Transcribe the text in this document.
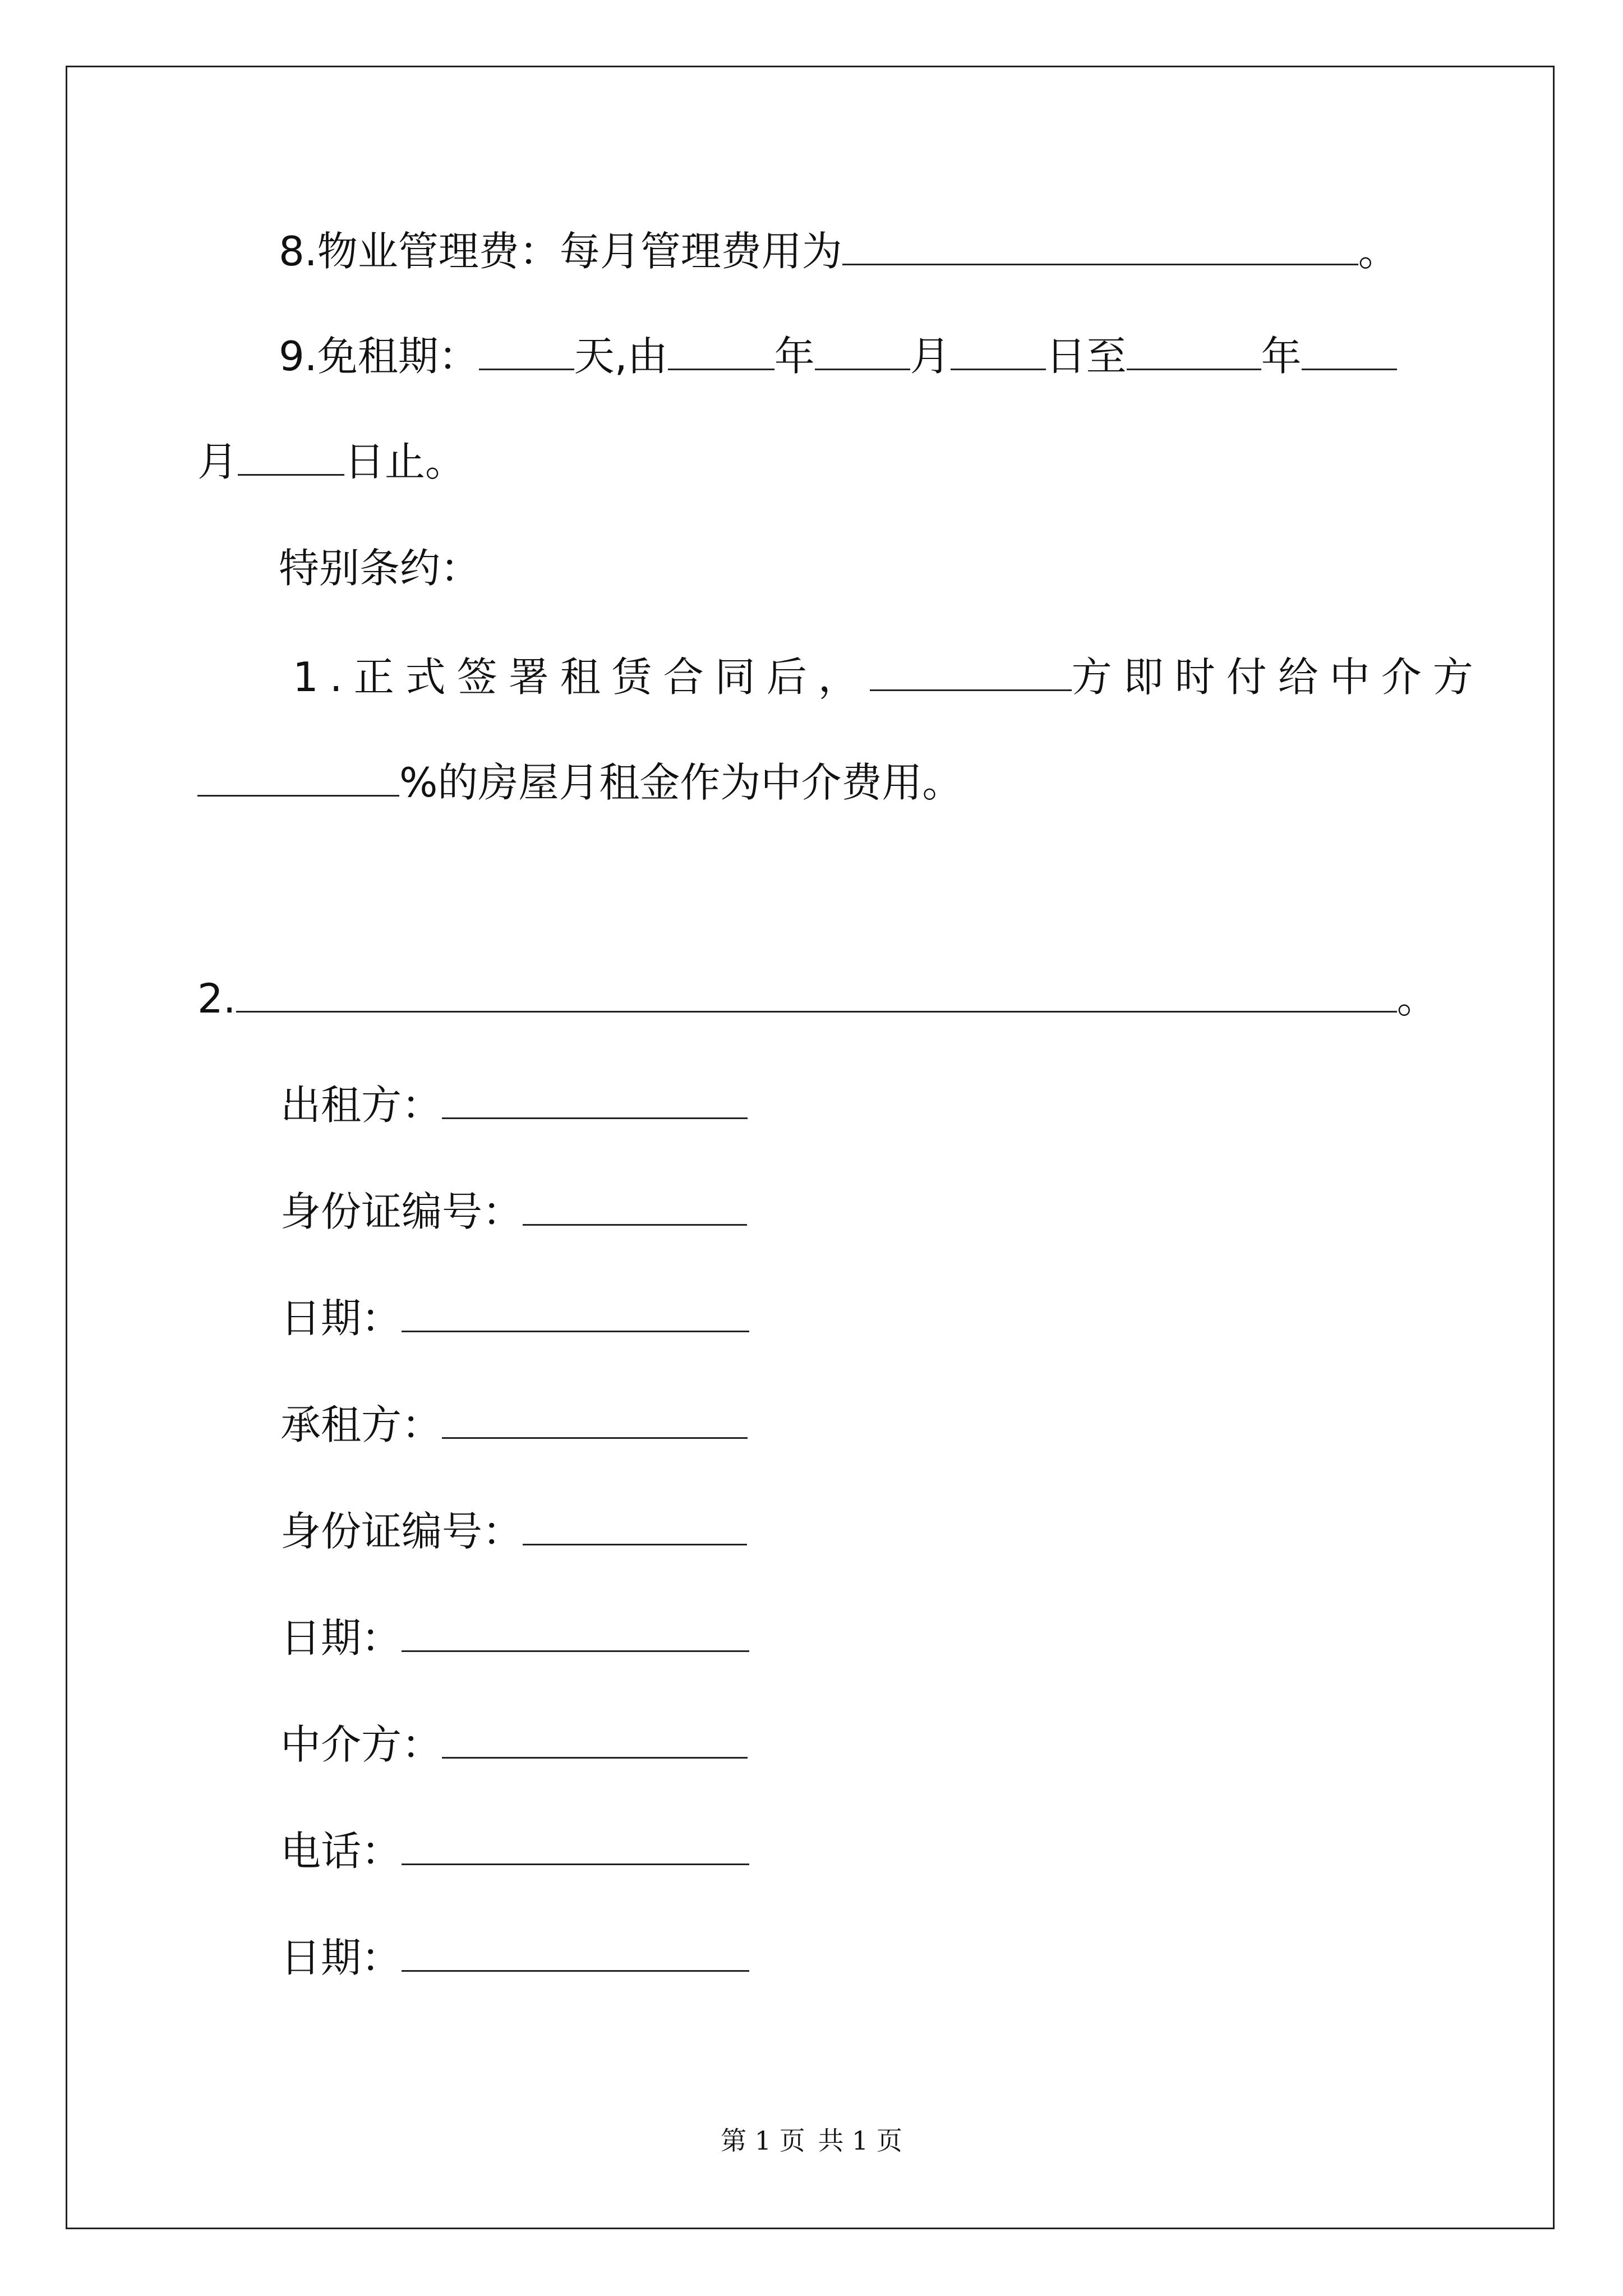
8.物业管理费：每月管理费用为	。
9.免租期： 天,由	年 月 日至	年
月	日止。
特别条约：
1.正式签署租赁合同后，	方即时付给中介方
%的房屋月租金作为中介费用。
2.	。
出租方：
身份证编号：
日期：
承租方：
身份证编号：
日期：
中介方：
电话：
日期：
第 1 页 共 1 页
